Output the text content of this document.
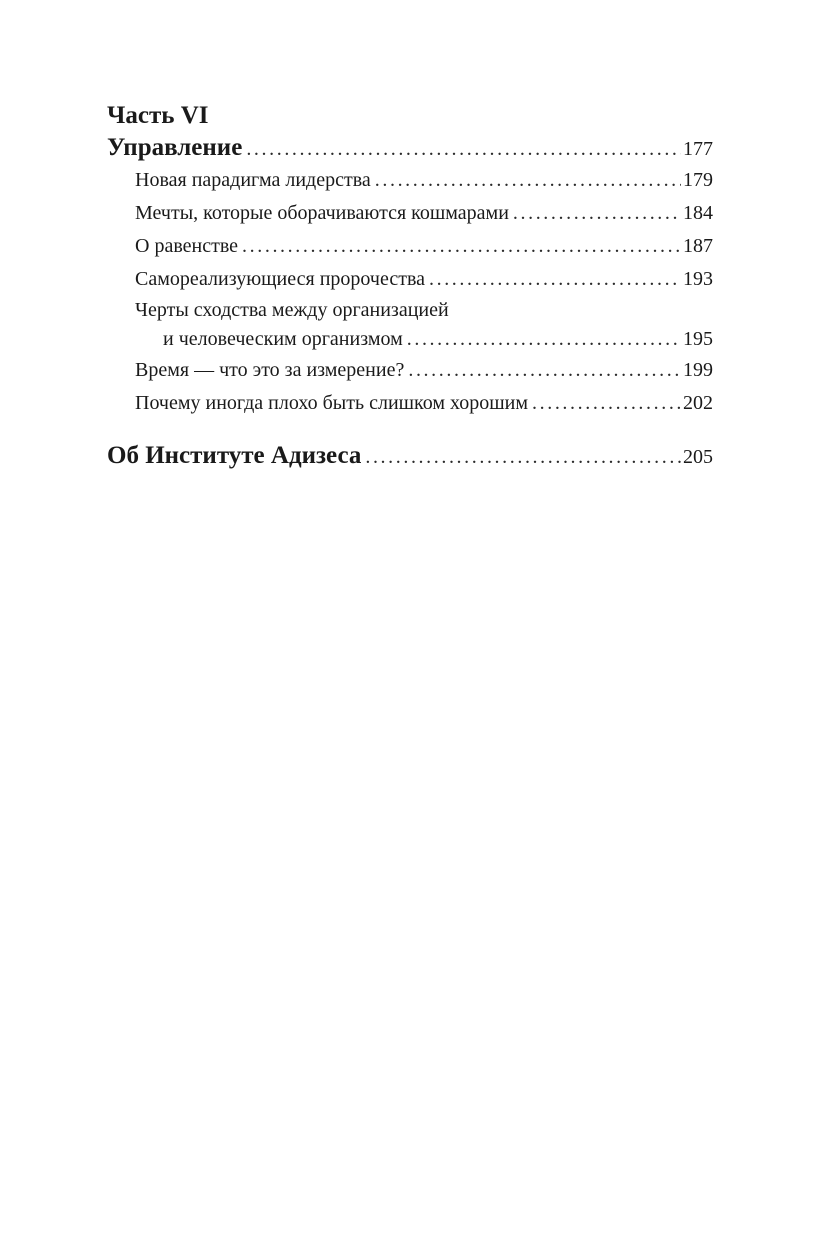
Часть VI
Управление . . .	177
Новая парадигма лидерства . . .	179
Мечты, которые оборачиваются кошмарами . . .	184
О равенстве . . .	187
Самореализующиеся пророчества . . .	193
Черты сходства между организацией
и человеческим организмом . . .	195
Время — что это за измерение? . . .	199
Почему иногда плохо быть слишком хорошим . . .	202
Об Институте Адизеса . . .	205
